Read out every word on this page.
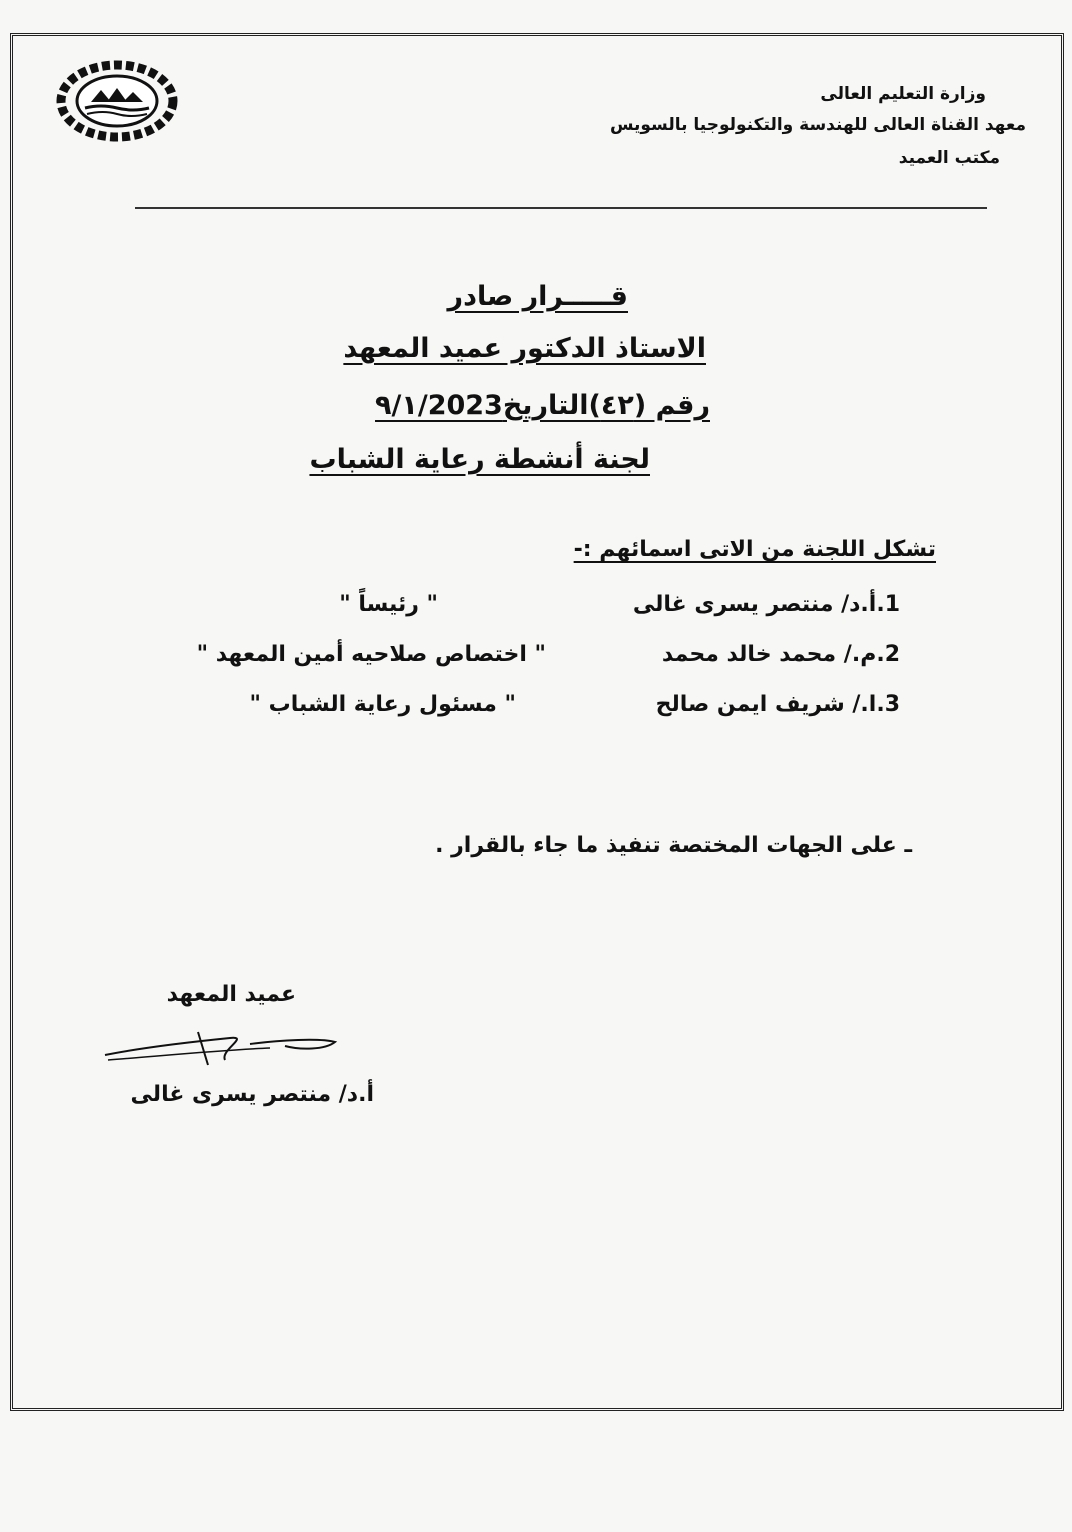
وزارة التعليم العالى
معهد القناة العالى للهندسة والتكنولوجيا بالسويس
مكتب العميد
قـــــرار صادر
الاستاذ الدكتور عميد المعهد
رقم (٤٢)التاريخ٩/١/2023
لجنة أنشطة رعاية الشباب
تشكل اللجنة من الاتى اسمائهم :-
1.أ.د/ منتصر يسرى غالى
" رئيساً "
2.م./ محمد خالد محمد
" اختصاص صلاحيه أمين المعهد "
3.ا./ شريف ايمن صالح
" مسئول رعاية الشباب "
ـ على الجهات المختصة تنفيذ ما جاء بالقرار .
عميد المعهد
أ.د/ منتصر يسرى غالى
